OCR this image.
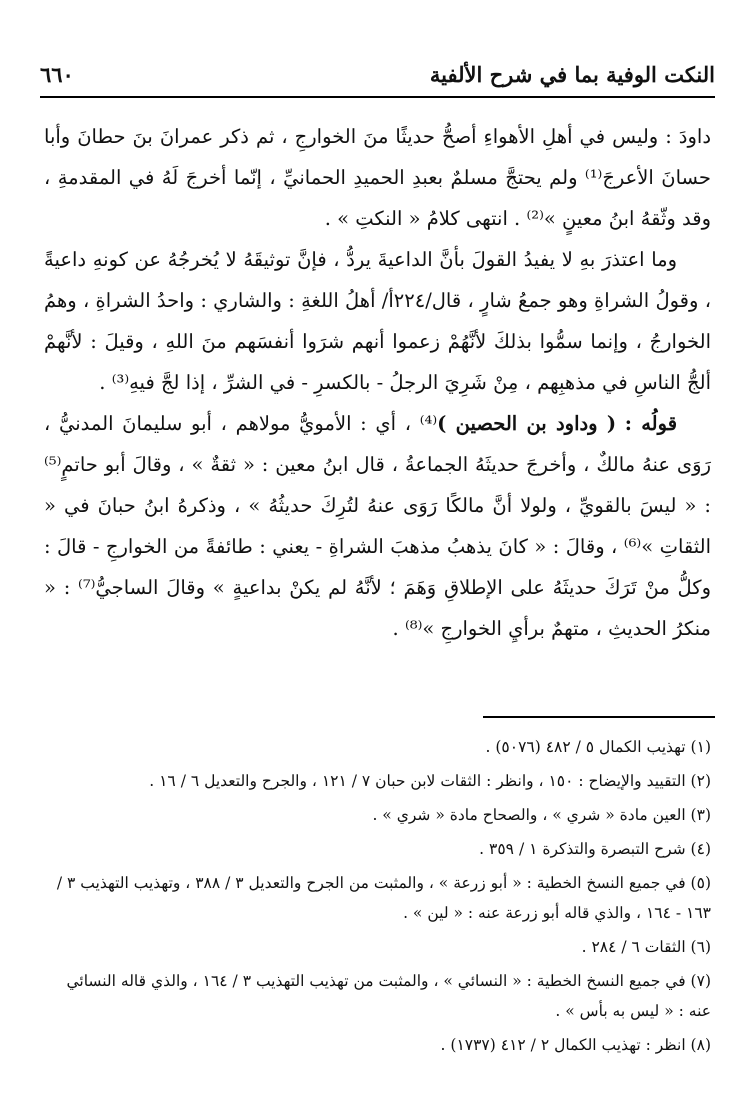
النكت الوفية بما في شرح الألفية
٦٦٠

داودَ : وليس في أهلِ الأهواءِ أصحُّ حديثًا منَ الخوارجِ ، ثم ذكر عمرانَ بنَ حطانَ وأبا حسانَ الأعرجَ⁽¹⁾ ولم يحتجَّ مسلمٌ بعبدِ الحميدِ الحمانيِّ ، إنّما أخرجَ لَهُ في المقدمةِ ، وقد وثّقهُ ابنُ معينٍ »⁽²⁾ . انتهى كلامُ « النكتِ » .

وما اعتذرَ بهِ لا يفيدُ القولَ بأنَّ الداعيةَ يردُّ ، فإنَّ توثيقَهُ لا يُخرجُهُ عن كونهِ داعيةً ، وقولُ الشراةِ وهو جمعُ شارٍ ، قال/٢٢٤أ/ أهلُ اللغةِ : والشاري : واحدُ الشراةِ ، وهمُ الخوارجُ ، وإنما سمُّوا بذلكَ لأنَّهُمْ زعموا أنهم شرَوا أنفسَهم منَ اللهِ ، وقيلَ : لأنَّهمْ ألجُّ الناسِ في مذهبِهم ، مِنْ شَرِيَ الرجلُ - بالكسرِ - في الشرِّ ، إذا لجَّ فيهِ⁽³⁾ .

قولُه : ( وداود بن الحصين )⁽⁴⁾ ، أي : الأمويُّ مولاهم ، أبو سليمانَ المدنيُّ ، رَوَى عنهُ مالكٌ ، وأخرجَ حديثَهُ الجماعةُ ، قال ابنُ معين : « ثقةٌ » ، وقالَ أبو حاتمٍ⁽⁵⁾ : « ليسَ بالقويِّ ، ولولا أنَّ مالكًا رَوَى عنهُ لتُرِكَ حديثُهُ » ، وذكرهُ ابنُ حبانَ في « الثقاتِ »⁽⁶⁾ ، وقالَ : « كانَ يذهبُ مذهبَ الشراةِ - يعني : طائفةً من الخوارجِ - قالَ : وكلُّ منْ تَرَكَ حديثَهُ على الإطلاقِ وَهَمَ ؛ لأنَّهُ لم يكنْ بداعيةٍ » وقالَ الساجيُّ⁽⁷⁾ : « منكرُ الحديثِ ، متهمٌ برأيِ الخوارجِ »⁽⁸⁾ .

(١) تهذيب الكمال ٥ / ٤٨٢ (٥٠٧٦) .

(٢) التقييد والإيضاح : ١٥٠ ، وانظر : الثقات لابن حبان ٧ / ١٢١ ، والجرح والتعديل ٦ / ١٦ .

(٣) العين مادة « شري » ، والصحاح مادة « شري » .

(٤) شرح التبصرة والتذكرة ١ / ٣٥٩ .

(٥) في جميع النسخ الخطية : « أبو زرعة » ، والمثبت من الجرح والتعديل ٣ / ٣٨٨ ، وتهذيب التهذيب ٣ / ١٦٣ - ١٦٤ ، والذي قاله أبو زرعة عنه : « لين » .

(٦) الثقات ٦ / ٢٨٤ .

(٧) في جميع النسخ الخطية : « النسائي » ، والمثبت من تهذيب التهذيب ٣ / ١٦٤ ، والذي قاله النسائي عنه : « ليس به بأس » .

(٨) انظر : تهذيب الكمال ٢ / ٤١٢ (١٧٣٧) .
